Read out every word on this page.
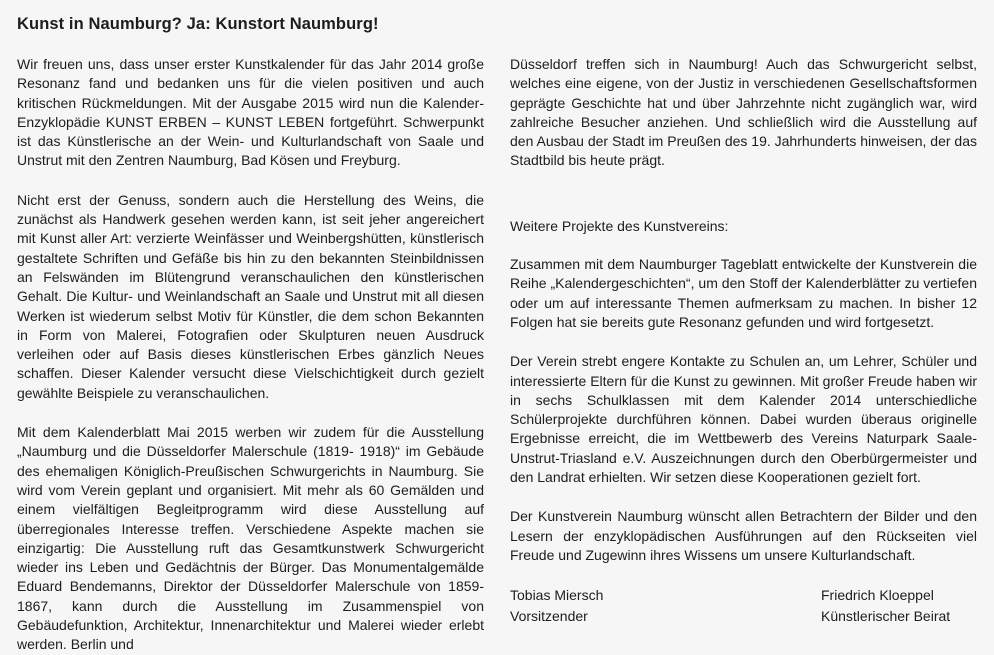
Kunst in Naumburg? Ja: Kunstort Naumburg!

Wir freuen uns, dass unser erster Kunstkalender für das Jahr 2014 große Resonanz fand und bedanken uns für die vielen positiven und auch kritischen Rückmeldungen. Mit der Ausgabe 2015 wird nun die Kalender-Enzyklopädie KUNST ERBEN – KUNST LEBEN fortgeführt. Schwerpunkt ist das Künstlerische an der Wein- und Kulturlandschaft von Saale und Unstrut mit den Zentren Naumburg, Bad Kösen und Freyburg.

Nicht erst der Genuss, sondern auch die Herstellung des Weins, die zunächst als Handwerk gesehen werden kann, ist seit jeher angereichert mit Kunst aller Art: verzierte Weinfässer und Weinbergshütten, künstlerisch gestaltete Schriften und Gefäße bis hin zu den bekannten Steinbildnissen an Felswänden im Blütengrund veranschaulichen den künstlerischen Gehalt. Die Kultur- und Weinlandschaft an Saale und Unstrut mit all diesen Werken ist wiederum selbst Motiv für Künstler, die dem schon Bekannten in Form von Malerei, Fotografien oder Skulpturen neuen Ausdruck verleihen oder auf Basis dieses künstlerischen Erbes gänzlich Neues schaffen. Dieser Kalender versucht diese Vielschichtigkeit durch gezielt gewählte Beispiele zu veranschaulichen.

Mit dem Kalenderblatt Mai 2015 werben wir zudem für die Ausstellung „Naumburg und die Düsseldorfer Malerschule (1819- 1918)“ im Gebäude des ehemaligen Königlich-Preußischen Schwurgerichts in Naumburg. Sie wird vom Verein geplant und organisiert. Mit mehr als 60 Gemälden und einem vielfältigen Begleitprogramm wird diese Ausstellung auf überregionales Interesse treffen. Verschiedene Aspekte machen sie einzigartig: Die Ausstellung ruft das Gesamtkunstwerk Schwurgericht wieder ins Leben und Gedächtnis der Bürger. Das Monumentalgemälde Eduard Bendemanns, Direktor der Düsseldorfer Malerschule von 1859-1867, kann durch die Ausstellung im Zusammenspiel von Gebäudefunktion, Architektur, Innenarchitektur und Malerei wieder erlebt werden. Berlin und

Düsseldorf treffen sich in Naumburg! Auch das Schwurgericht selbst, welches eine eigene, von der Justiz in verschiedenen Gesellschaftsformen geprägte Geschichte hat und über Jahrzehnte nicht zugänglich war, wird zahlreiche Besucher anziehen. Und schließlich wird die Ausstellung auf den Ausbau der Stadt im Preußen des 19. Jahrhunderts hinweisen, der das Stadtbild bis heute prägt.

Weitere Projekte des Kunstvereins:

Zusammen mit dem Naumburger Tageblatt entwickelte der Kunstverein die Reihe „Kalendergeschichten“, um den Stoff der Kalenderblätter zu vertiefen oder um auf interessante Themen aufmerksam zu machen. In bisher 12 Folgen hat sie bereits gute Resonanz gefunden und wird fortgesetzt.

Der Verein strebt engere Kontakte zu Schulen an, um Lehrer, Schüler und interessierte Eltern für die Kunst zu gewinnen. Mit großer Freude haben wir in sechs Schulklassen mit dem Kalender 2014 unterschiedliche Schülerprojekte durchführen können. Dabei wurden überaus originelle Ergebnisse erreicht, die im Wettbewerb des Vereins Naturpark Saale-Unstrut-Triasland e.V. Auszeichnungen durch den Oberbürgermeister und den Landrat erhielten. Wir setzen diese Kooperationen gezielt fort.

Der Kunstverein Naumburg wünscht allen Betrachtern der Bilder und den Lesern der enzyklopädischen Ausführungen auf den Rückseiten viel Freude und Zugewinn ihres Wissens um unsere Kulturlandschaft.

Tobias Miersch
Vorsitzender
Friedrich Kloeppel
Künstlerischer Beirat
